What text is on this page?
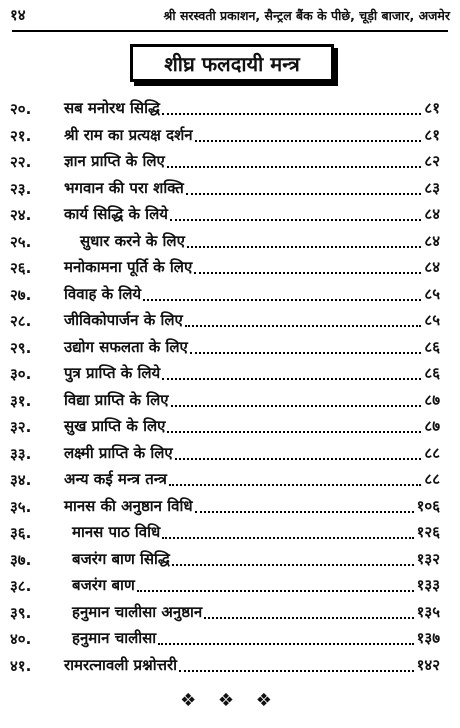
१४	श्री सरस्वती प्रकाशन, सैन्ट्रल बैंक के पीछे, चूड़ी बाजार, अजमेर
शीघ्र फलदायी मन्त्र
२०.	सब मनोरथ सिद्धि	८१
२१.	श्री राम का प्रत्यक्ष दर्शन	८१
२२.	ज्ञान प्राप्ति के लिए	८२
२३.	भगवान की परा शक्ति	८३
२४.	कार्य सिद्धि के लिये	८४
२५.	सुधार करने के लिए	८४
२६.	मनोकामना पूर्ति के लिए	८४
२७.	विवाह के लिये	८५
२८.	जीविकोपार्जन के लिए	८५
२९.	उद्योग सफलता के लिए	८६
३०.	पुत्र प्राप्ति के लिये	८६
३१.	विद्या प्राप्ति के लिए	८७
३२.	सुख प्राप्ति के लिए	८७
३३.	लक्ष्मी प्राप्ति के लिए	८८
३४.	अन्य कई मन्त्र तन्त्र	८८
३५.	मानस की अनुष्ठान विधि	१०६
३६.	मानस पाठ विधि	१२६
३७.	बजरंग बाण सिद्धि	१३२
३८.	बजरंग बाण	१३३
३९.	हनुमान चालीसा अनुष्ठान	१३५
४०.	हनुमान चालीसा	१३७
४१.	रामरत्नावली प्रश्नोत्तरी	१४२
❖ ❖ ❖
